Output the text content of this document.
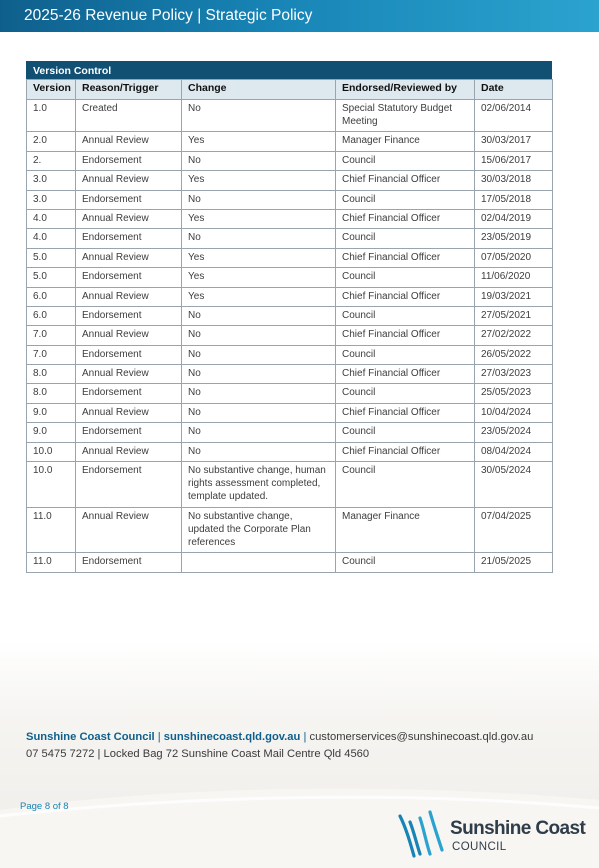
2025-26 Revenue Policy | Strategic Policy
Version Control
Version	Reason/Trigger	Change	Endorsed/Reviewed by	Date
1.0	Created	No	Special Statutory Budget Meeting	02/06/2014
2.0	Annual Review	Yes	Manager Finance	30/03/2017
2.	Endorsement	No	Council	15/06/2017
3.0	Annual Review	Yes	Chief Financial Officer	30/03/2018
3.0	Endorsement	No	Council	17/05/2018
4.0	Annual Review	Yes	Chief Financial Officer	02/04/2019
4.0	Endorsement	No	Council	23/05/2019
5.0	Annual Review	Yes	Chief Financial Officer	07/05/2020
5.0	Endorsement	Yes	Council	11/06/2020
6.0	Annual Review	Yes	Chief Financial Officer	19/03/2021
6.0	Endorsement	No	Council	27/05/2021
7.0	Annual Review	No	Chief Financial Officer	27/02/2022
7.0	Endorsement	No	Council	26/05/2022
8.0	Annual Review	No	Chief Financial Officer	27/03/2023
8.0	Endorsement	No	Council	25/05/2023
9.0	Annual Review	No	Chief Financial Officer	10/04/2024
9.0	Endorsement	No	Council	23/05/2024
10.0	Annual Review	No	Chief Financial Officer	08/04/2024
10.0	Endorsement	No substantive change, human rights assessment completed, template updated.	Council	30/05/2024
11.0	Annual Review	No substantive change, updated the Corporate Plan references	Manager Finance	07/04/2025
11.0	Endorsement		Council	21/05/2025
Sunshine Coast Council | sunshinecoast.qld.gov.au | customerservices@sunshinecoast.qld.gov.au
07 5475 7272 | Locked Bag 72 Sunshine Coast Mail Centre Qld 4560
Page 8 of 8
Sunshine Coast
COUNCIL
